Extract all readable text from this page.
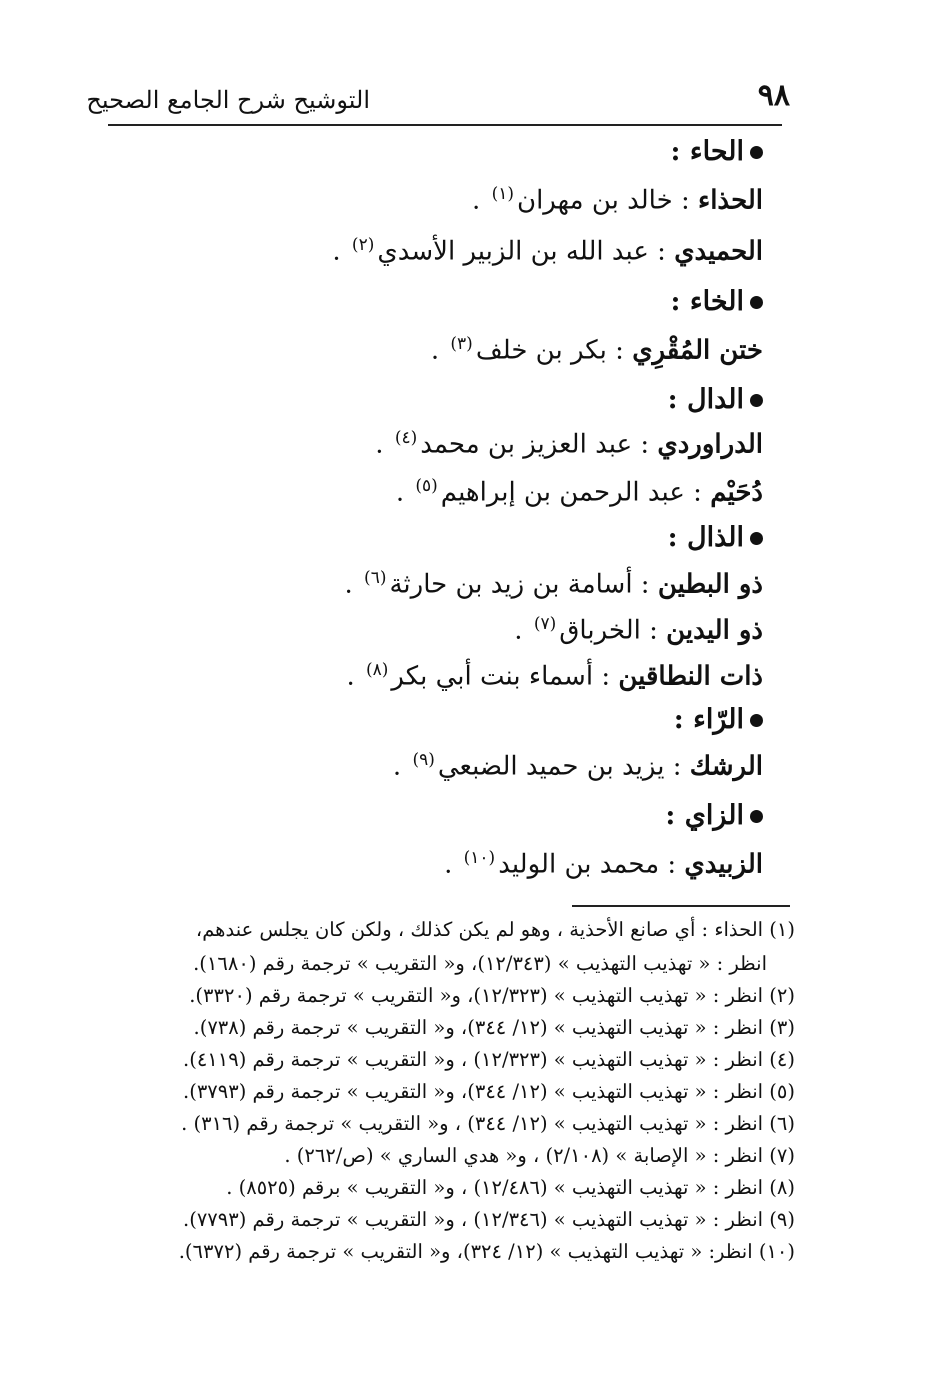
٩٨
التوشيح شرح الجامع الصحيح
الحاء :
الحذاء : خالد بن مهران$^{(١)}$ .
الحميدي : عبد الله بن الزبير الأسدي$^{(٢)}$ .
الخاء :
ختن المُقْرِي : بكر بن خلف$^{(٣)}$ .
الدال :
الدراوردي : عبد العزيز بن محمد$^{(٤)}$ .
دُحَيْم : عبد الرحمن بن إبراهيم$^{(٥)}$ .
الذال :
ذو البطين : أسامة بن زيد بن حارثة$^{(٦)}$ .
ذو اليدين : الخرباق$^{(٧)}$ .
ذات النطاقين : أسماء بنت أبي بكر$^{(٨)}$ .
الرّاء :
الرشك : يزيد بن حميد الضبعي$^{(٩)}$ .
الزاي :
الزبيدي : محمد بن الوليد$^{(١٠)}$ .
(١) الحذاء : أي صانع الأحذية ، وهو لم يكن كذلك ، ولكن كان يجلس عندهم،
انظر : « تهذيب التهذيب » (١٢/٣٤٣)، و« التقريب » ترجمة رقم (١٦٨٠).
(٢) انظر : « تهذيب التهذيب » (١٢/٣٢٣)، و« التقريب » ترجمة رقم (٣٣٢٠).
(٣) انظر : « تهذيب التهذيب » (١٢/ ٣٤٤)، و« التقريب » ترجمة رقم (٧٣٨).
(٤) انظر : « تهذيب التهذيب » (١٢/٣٢٣) ، و« التقريب » ترجمة رقم (٤١١٩).
(٥) انظر : « تهذيب التهذيب » (١٢/ ٣٤٤)، و« التقريب » ترجمة رقم (٣٧٩٣).
(٦) انظر : « تهذيب التهذيب » (١٢/ ٣٤٤) ، و« التقريب » ترجمة رقم (٣١٦) .
(٧) انظر : « الإصابة » (٢/١٠٨) ، و« هدي الساري » (ص/٢٦٢) .
(٨) انظر : « تهذيب التهذيب » (١٢/٤٨٦) ، و« التقريب » برقم (٨٥٢٥) .
(٩) انظر : « تهذيب التهذيب » (١٢/٣٤٦) ، و« التقريب » ترجمة رقم (٧٧٩٣).
(١٠) انظر: « تهذيب التهذيب » (١٢/ ٣٢٤)، و« التقريب » ترجمة رقم (٦٣٧٢).
